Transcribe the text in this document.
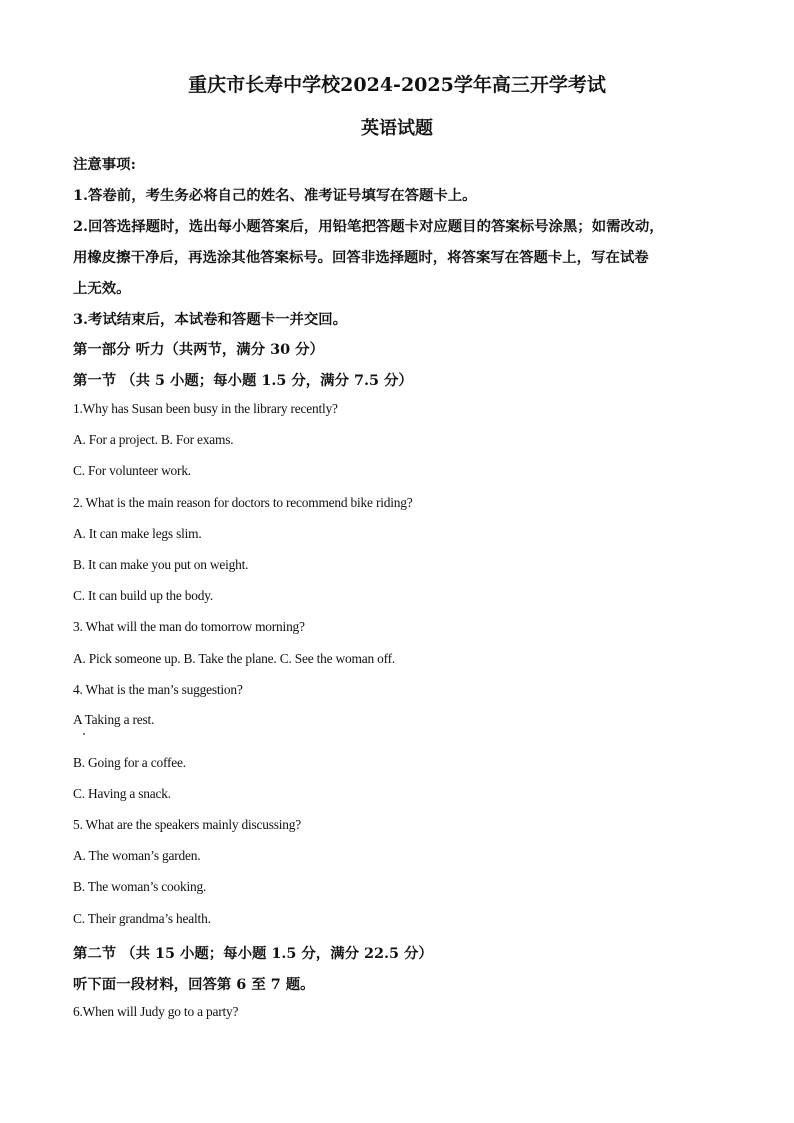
重庆市长寿中学校2024-2025学年高三开学考试
英语试题
注意事项:
1.答卷前，考生务必将自己的姓名、准考证号填写在答题卡上。
2.回答选择题时，选出每小题答案后，用铅笔把答题卡对应题目的答案标号涂黑；如需改动，
用橡皮擦干净后，再选涂其他答案标号。回答非选择题时，将答案写在答题卡上，写在试卷
上无效。
3.考试结束后，本试卷和答题卡一并交回。
第一部分 听力（共两节，满分 30 分）
第一节 （共 5 小题；每小题 1.5 分，满分 7.5 分）
1.Why has Susan been busy in the library recently?
A. For a project. B. For exams.
C. For volunteer work.
2. What is the main reason for doctors to recommend bike riding?
A. It can make legs slim.
B. It can make you put on weight.
C. It can build up the body.
3. What will the man do tomorrow morning?
A. Pick someone up. B. Take the plane. C. See the woman off.
4. What is the man’s suggestion?
A Taking a rest.
B. Going for a coffee.
C. Having a snack.
5. What are the speakers mainly discussing?
A. The woman’s garden.
B. The woman’s cooking.
C. Their grandma’s health.
第二节 （共 15 小题；每小题 1.5 分，满分 22.5 分）
听下面一段材料，回答第 6 至 7 题。
6.When will Judy go to a party?
